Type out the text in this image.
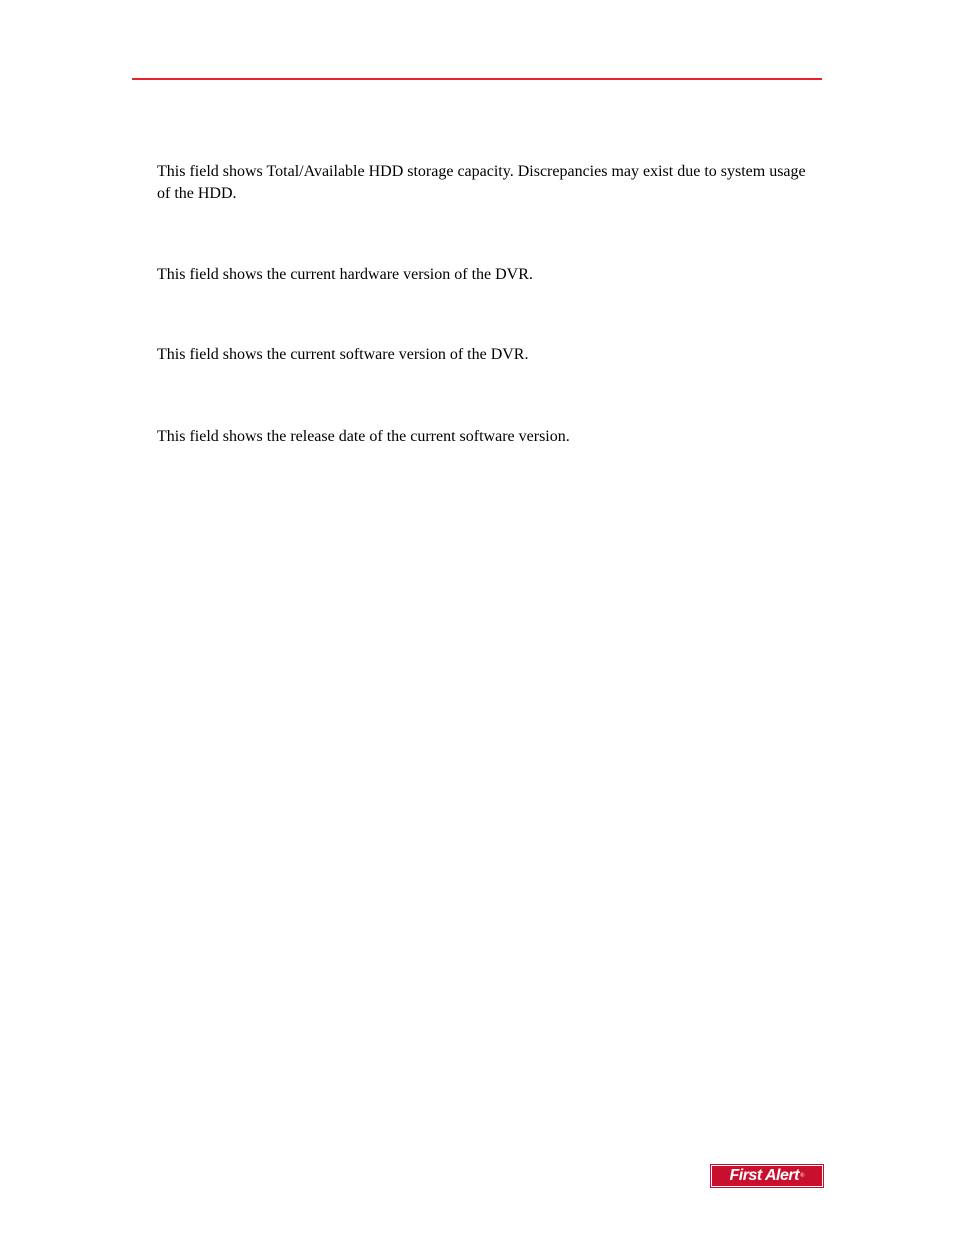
This field shows Total/Available HDD storage capacity. Discrepancies may exist due to system usage of the HDD.

This field shows the current hardware version of the DVR.

This field shows the current software version of the DVR.

This field shows the release date of the current software version.

First Alert ®
